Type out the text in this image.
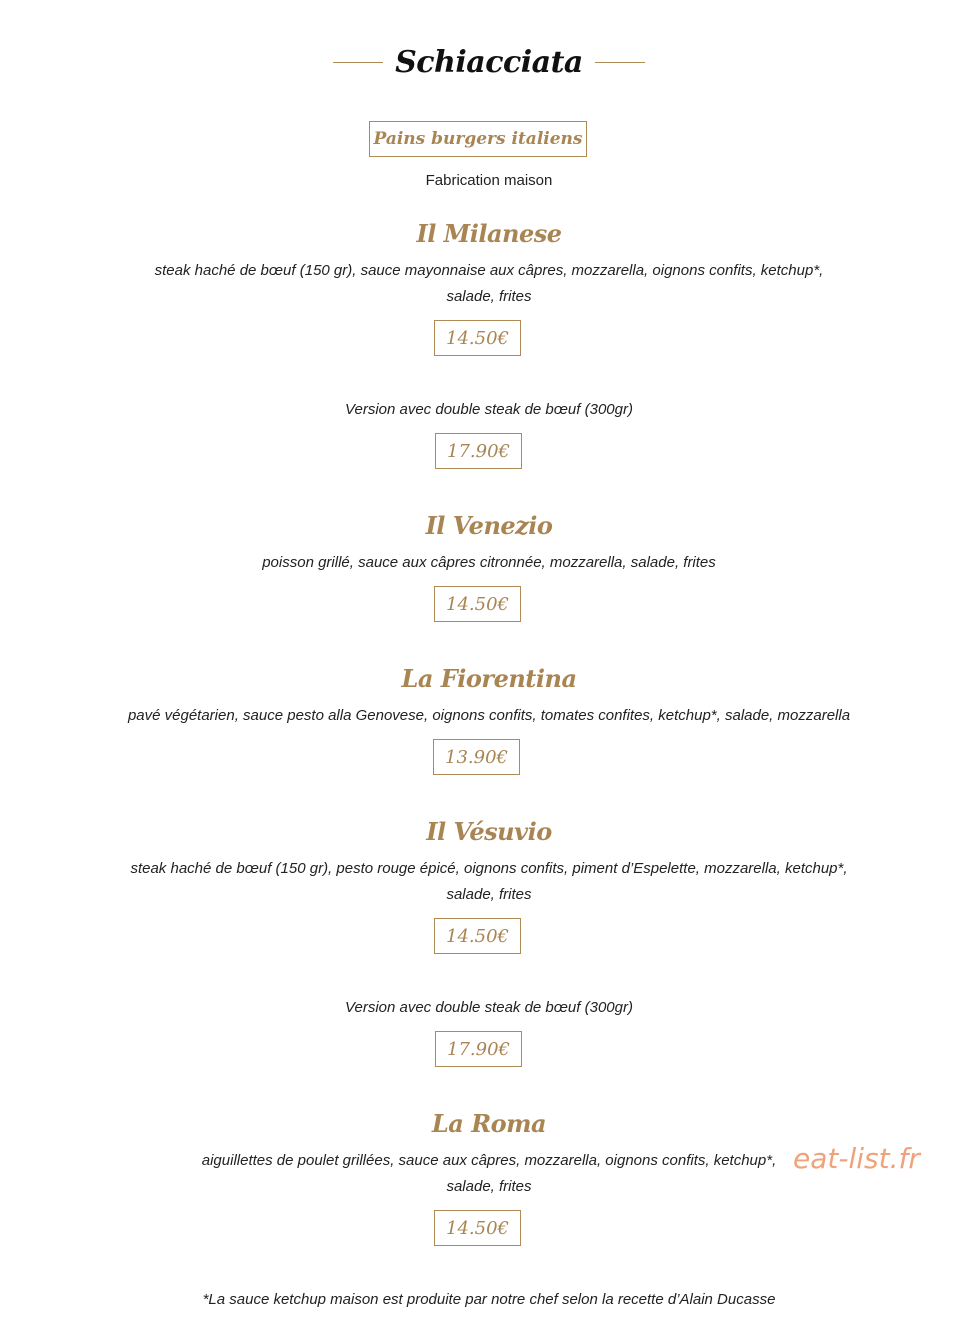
Schiacciata
Pains burgers italiens
Fabrication maison
Il Milanese
steak haché de bœuf (150 gr), sauce mayonnaise aux câpres, mozzarella, oignons confits, ketchup*,
salade, frites
14.50€
Version avec double steak de bœuf (300gr)
17.90€
Il Venezio
poisson grillé, sauce aux câpres citronnée, mozzarella, salade, frites
14.50€
La Fiorentina
pavé végétarien, sauce pesto alla Genovese, oignons confits, tomates confites, ketchup*, salade, mozzarella
13.90€
Il Vésuvio
steak haché de bœuf (150 gr), pesto rouge épicé, oignons confits, piment d’Espelette, mozzarella, ketchup*,
salade, frites
14.50€
Version avec double steak de bœuf (300gr)
17.90€
La Roma
aiguillettes de poulet grillées, sauce aux câpres, mozzarella, oignons confits, ketchup*,
salade, frites
14.50€
eat-list.fr
*La sauce ketchup maison est produite par notre chef selon la recette d’Alain Ducasse
